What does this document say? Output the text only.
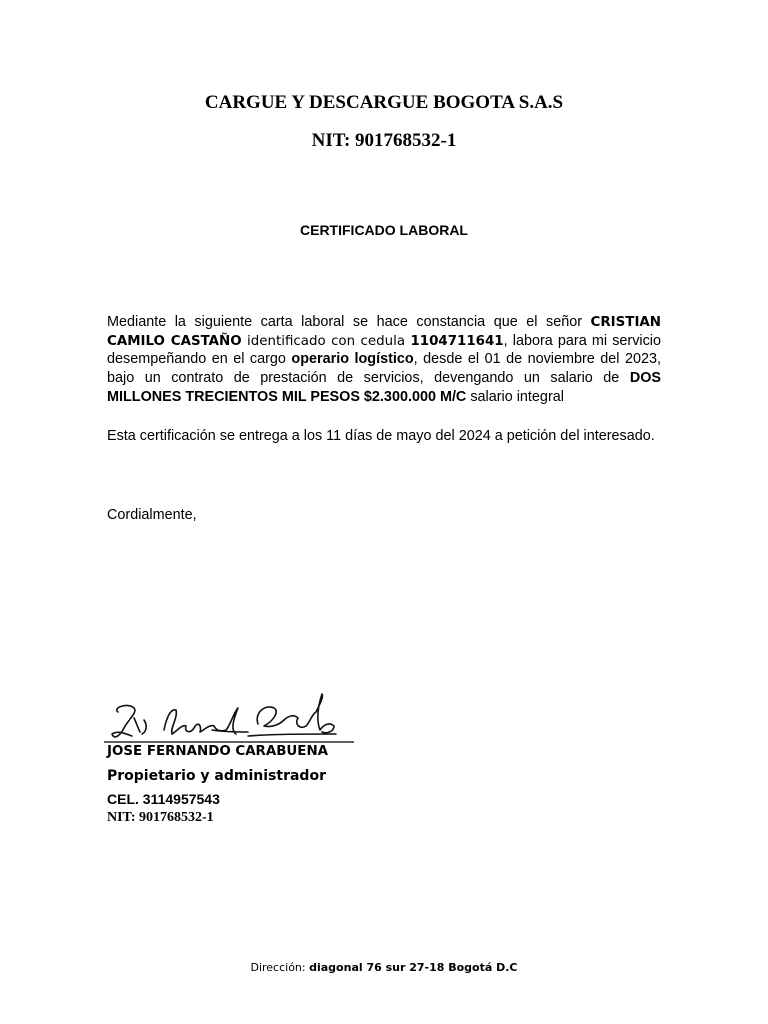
CARGUE Y DESCARGUE BOGOTA S.A.S
NIT: 901768532-1
CERTIFICADO LABORAL

Mediante la siguiente carta laboral se hace constancia que el señor CRISTIAN CAMILO CASTAÑO identificado con cedula 1104711641, labora para mi servicio desempeñando en el cargo operario logístico, desde el 01 de noviembre del 2023, bajo un contrato de prestación de servicios, devengando un salario de DOS MILLONES TRECIENTOS MIL PESOS $2.300.000 M/C salario integral

Esta certificación se entrega a los 11 días de mayo del 2024 a petición del interesado.

Cordialmente,

JOSE FERNANDO CARABUENA

Propietario y administrador

CEL. 3114957543

NIT: 901768532-1

Dirección: diagonal 76 sur 27-18 Bogotá D.C
